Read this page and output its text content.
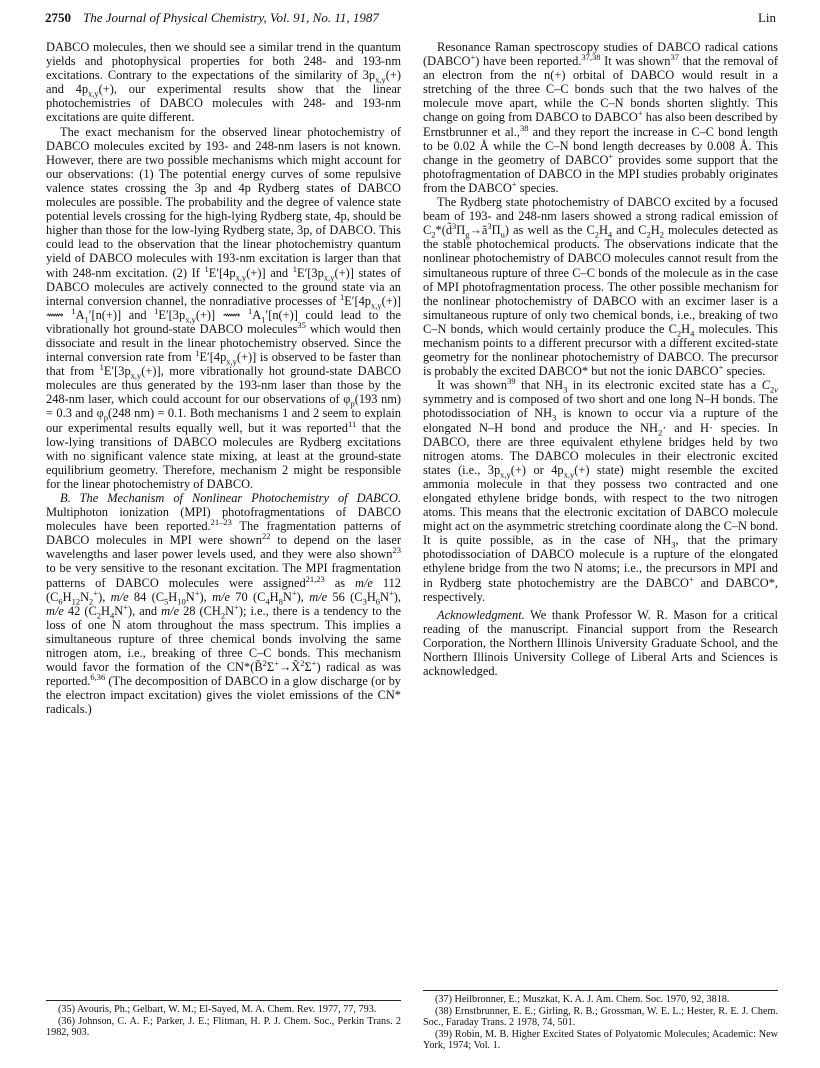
2750 The Journal of Physical Chemistry, Vol. 91, No. 11, 1987	Lin

DABCO molecules, then we should see a similar trend in the quantum yields and photophysical properties for both 248- and 193-nm excitations. Contrary to the expectations of the similarity of $3p_{x,y}(+)$ and $4p_{x,y}(+)$, our experimental results show that the linear photochemistries of DABCO molecules with 248- and 193-nm excitations are quite different.

The exact mechanism for the observed linear photochemistry of DABCO molecules excited by 193- and 248-nm lasers is not known. However, there are two possible mechanisms which might account for our observations: (1) The potential energy curves of some repulsive valence states crossing the 3p and 4p Rydberg states of DABCO molecules are possible. The probability and the degree of valence state potential levels crossing for the high-lying Rydberg state, 4p, should be higher than those for the low-lying Rydberg state, 3p, of DABCO. This could lead to the observation that the linear photochemistry quantum yield of DABCO molecules with 193-nm excitation is larger than that with 248-nm excitation. (2) If $^1E'[4p_{x,y}(+)]$ and $^1E'[3p_{x,y}(+)]$ states of DABCO molecules are actively connected to the ground state via an internal conversion channel, the nonradiative processes of $^1E'[4p_{x,y}(+)]$ ⟿ $^1A_1'[n(+)]$ and $^1E'[3p_{x,y}(+)]$ ⟿ $^1A_1'[n(+)]$ could lead to the vibrationally hot ground-state DABCO molecules$^{35}$ which would then dissociate and result in the linear photochemistry observed. Since the internal conversion rate from $^1E'[4p_{x,y}(+)]$ is observed to be faster than that from $^1E'[3p_{x,y}(+)]$, more vibrationally hot ground-state DABCO molecules are thus generated by the 193-nm laser than those by the 248-nm laser, which could account for our observations of $\varphi_p(193$ nm) = 0.3 and $\varphi_p(248$ nm) = 0.1. Both mechanisms 1 and 2 seem to explain our experimental results equally well, but it was reported$^{11}$ that the low-lying transitions of DABCO molecules are Rydberg excitations with no significant valence state mixing, at least at the ground-state equilibrium geometry. Therefore, mechanism 2 might be responsible for the linear photochemistry of DABCO.

B. The Mechanism of Nonlinear Photochemistry of DABCO. Multiphoton ionization (MPI) photofragmentations of DABCO molecules have been reported.$^{21-23}$ The fragmentation patterns of DABCO molecules in MPI were shown$^{22}$ to depend on the laser wavelengths and laser power levels used, and they were also shown$^{23}$ to be very sensitive to the resonant excitation. The MPI fragmentation patterns of DABCO molecules were assigned$^{21,23}$ as m/e 112 $(C_6H_{12}N_2^+)$, m/e 84 $(C_5H_{10}N^+)$, m/e 70 $(C_4H_8N^+)$, m/e 56 $(C_3H_6N^+)$, m/e 42 $(C_2H_4N^+)$, and m/e 28 $(CH_2N^+)$; i.e., there is a tendency to the loss of one N atom throughout the mass spectrum. This implies a simultaneous rupture of three chemical bonds involving the same nitrogen atom, i.e., breaking of three C–C bonds. This mechanism would favor the formation of the CN*(B̃$^2$Σ+→X̃$^2$Σ+) radical as was reported.$^{6,36}$ (The decomposition of DABCO in a glow discharge (or by the electron impact excitation) gives the violet emissions of the CN* radicals.)

Resonance Raman spectroscopy studies of DABCO radical cations (DABCO+) have been reported.$^{37,38}$ It was shown$^{37}$ that the removal of an electron from the n(+) orbital of DABCO would result in a stretching of the three C–C bonds such that the two halves of the molecule move apart, while the C–N bonds shorten slightly. This change on going from DABCO to DABCO+ has also been described by Ernstbrunner et al.,$^{38}$ and they report the increase in C–C bond length to be 0.02 Å while the C–N bond length decreases by 0.008 Å. This change in the geometry of DABCO+ provides some support that the photofragmentation of DABCO in the MPI studies probably originates from the DABCO+ species.

The Rydberg state photochemistry of DABCO excited by a focused beam of 193- and 248-nm lasers showed a strong radical emission of $C_2*(d̃^3\Pi_g\to ã^3\Pi_u)$ as well as the $C_2H_4$ and $C_2H_2$ molecules detected as the stable photochemical products. The observations indicate that the nonlinear photochemistry of DABCO molecules cannot result from the simultaneous rupture of three C–C bonds of the molecule as in the case of MPI photofragmentation process. The other possible mechanism for the nonlinear photochemistry of DABCO with an excimer laser is a simultaneous rupture of only two chemical bonds, i.e., breaking of two C–N bonds, which would certainly produce the $C_2H_4$ molecules. This mechanism points to a different precursor with a different excited-state geometry for the nonlinear photochemistry of DABCO. The precursor is probably the excited DABCO* but not the ionic DABCO+ species.

It was shown$^{39}$ that $NH_3$ in its electronic excited state has a $C_{2v}$ symmetry and is composed of two short and one long N–H bonds. The photodissociation of $NH_3$ is known to occur via a rupture of the elongated N–H bond and produce the $NH_2\cdot$ and H· species. In DABCO, there are three equivalent ethylene bridges held by two nitrogen atoms. The DABCO molecules in their electronic excited states (i.e., $3p_{x,y}(+)$ or $4p_{x,y}(+)$ state) might resemble the excited ammonia molecule in that they possess two contracted and one elongated ethylene bridge bonds, with respect to the two nitrogen atoms. This means that the electronic excitation of DABCO molecule might act on the asymmetric stretching coordinate along the C–N bond. It is quite possible, as in the case of $NH_3$, that the primary photodissociation of DABCO molecule is a rupture of the elongated ethylene bridge from the two N atoms; i.e., the precursors in MPI and in Rydberg state photochemistry are the DABCO+ and DABCO*, respectively.

Acknowledgment. We thank Professor W. R. Mason for a critical reading of the manuscript. Financial support from the Research Corporation, the Northern Illinois University Graduate School, and the Northern Illinois University College of Liberal Arts and Sciences is acknowledged.

(35) Avouris, Ph.; Gelbart, W. M.; El-Sayed, M. A. Chem. Rev. 1977, 77, 793.

(36) Johnson, C. A. F.; Parker, J. E.; Flitman, H. P. J. Chem. Soc., Perkin Trans. 2 1982, 903.

(37) Heilbronner, E.; Muszkat, K. A. J. Am. Chem. Soc. 1970, 92, 3818.

(38) Ernstbrunner, E. E.; Girling, R. B.; Grossman, W. E. L.; Hester, R. E. J. Chem. Soc., Faraday Trans. 2 1978, 74, 501.

(39) Robin, M. B. Higher Excited States of Polyatomic Molecules; Academic: New York, 1974; Vol. 1.
